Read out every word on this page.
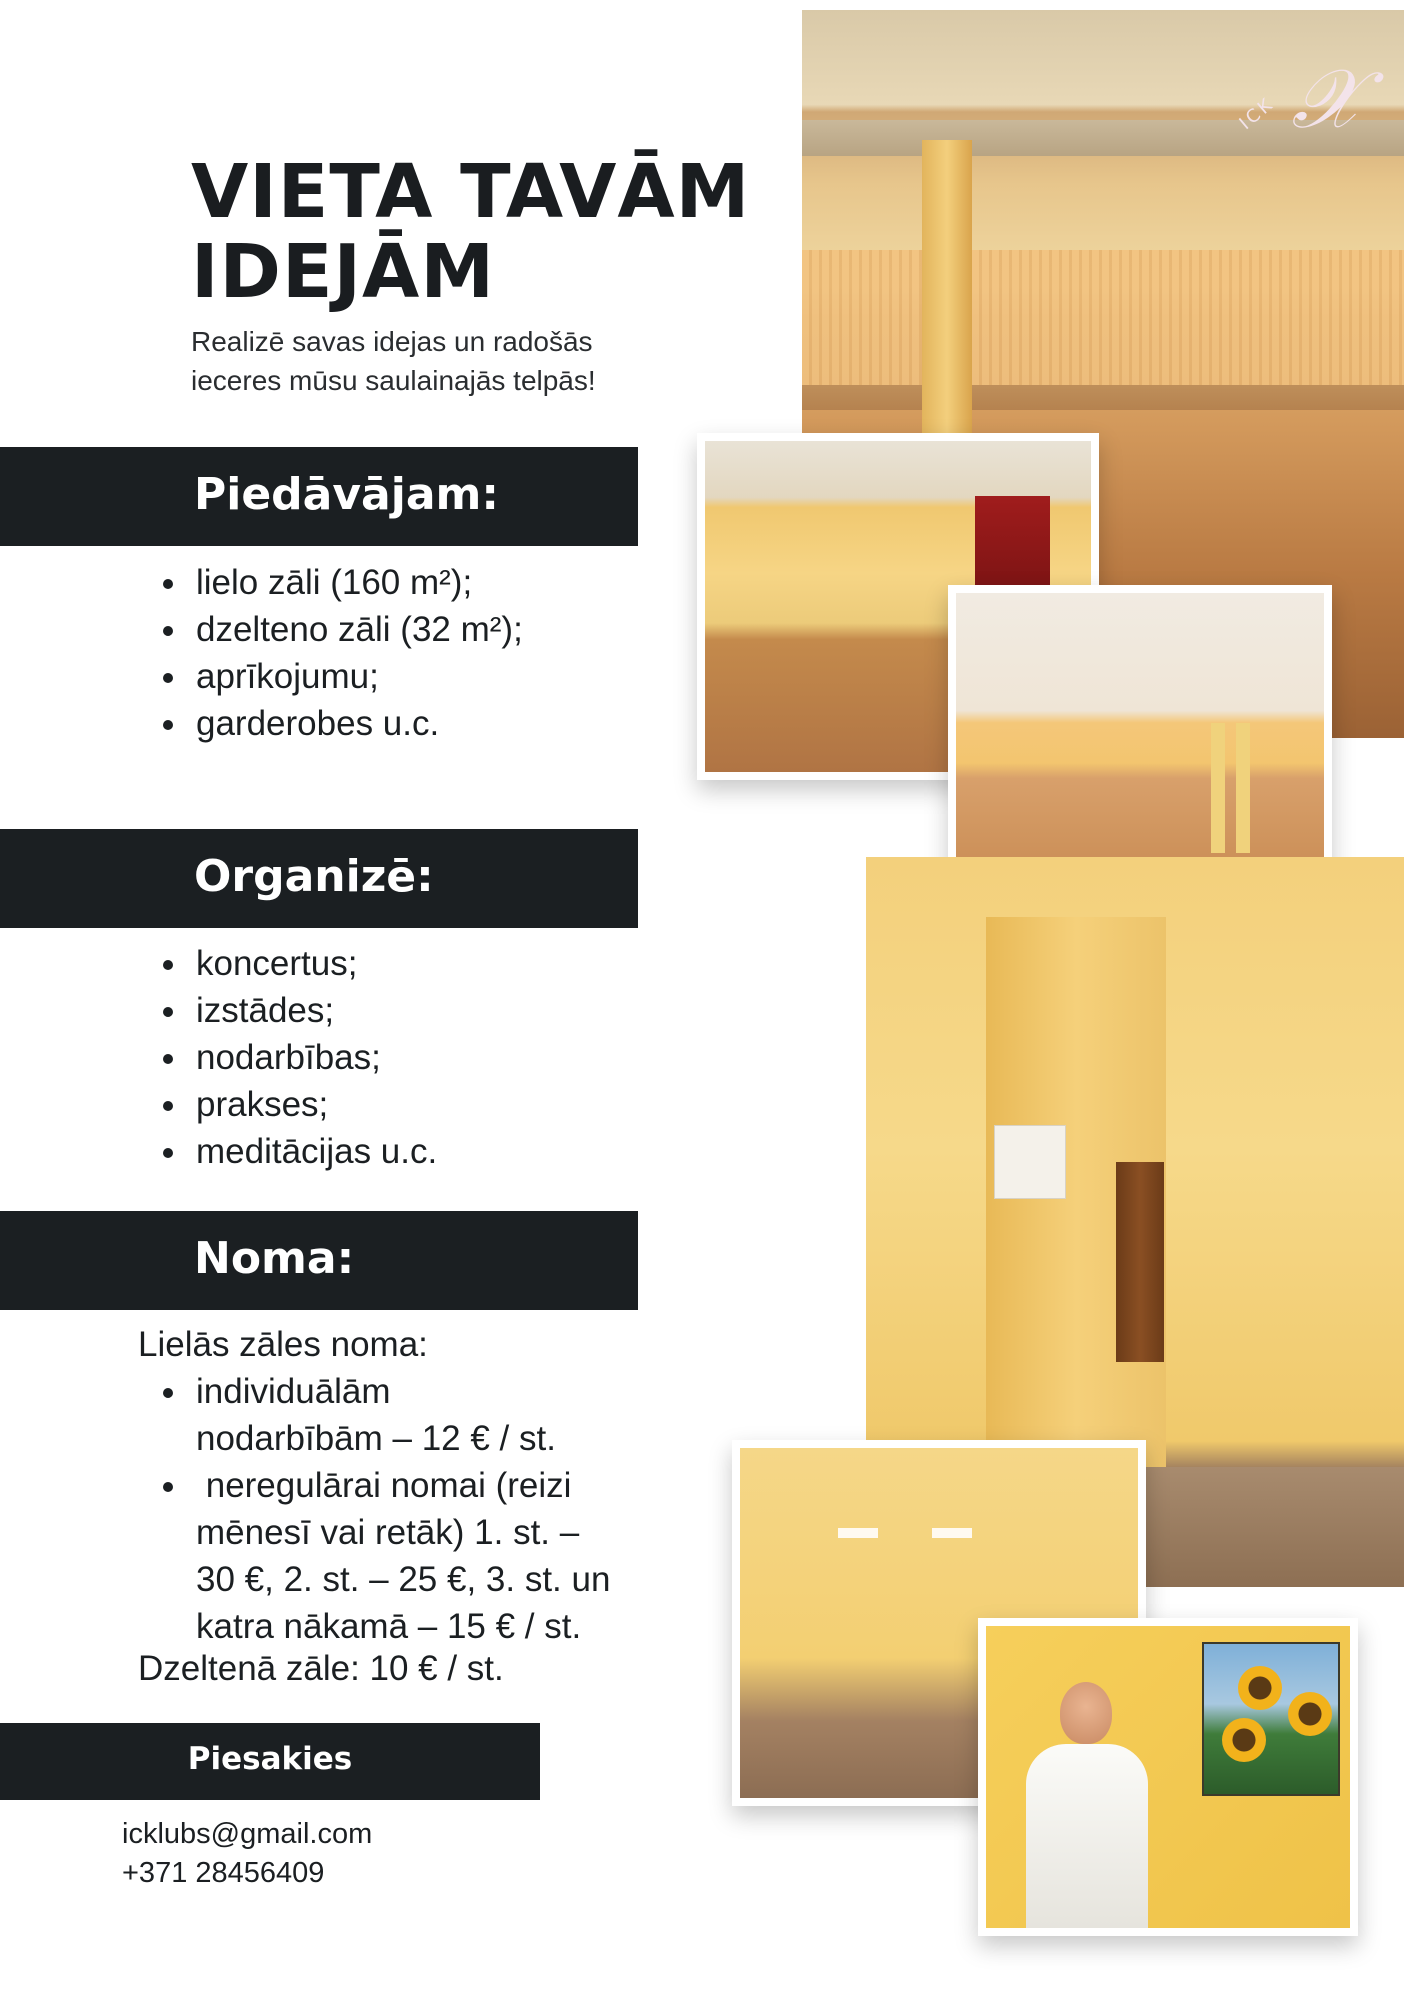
VIETA TAVĀM
IDEJĀM
Realizē savas idejas un radošās
ieceres mūsu saulainajās telpās!
Piedāvājam:
lielo zāli (160 m²);
dzelteno zāli (32 m²);
aprīkojumu;
garderobes u.c.
Organizē:
koncertus;
izstādes;
nodarbības;
prakses;
meditācijas u.c.
Noma:
Lielās zāles noma:
individuālām
nodarbībām – 12 € / st.
neregulārai nomai (reizi
mēnesī vai retāk) 1. st. –
30 €, 2. st. – 25 €, 3. st. un
katra nākamā – 15 € / st.
Dzeltenā zāle: 10 € / st.
Piesakies
icklubs@gmail.com
+371 28456409
ICK 𝒳
